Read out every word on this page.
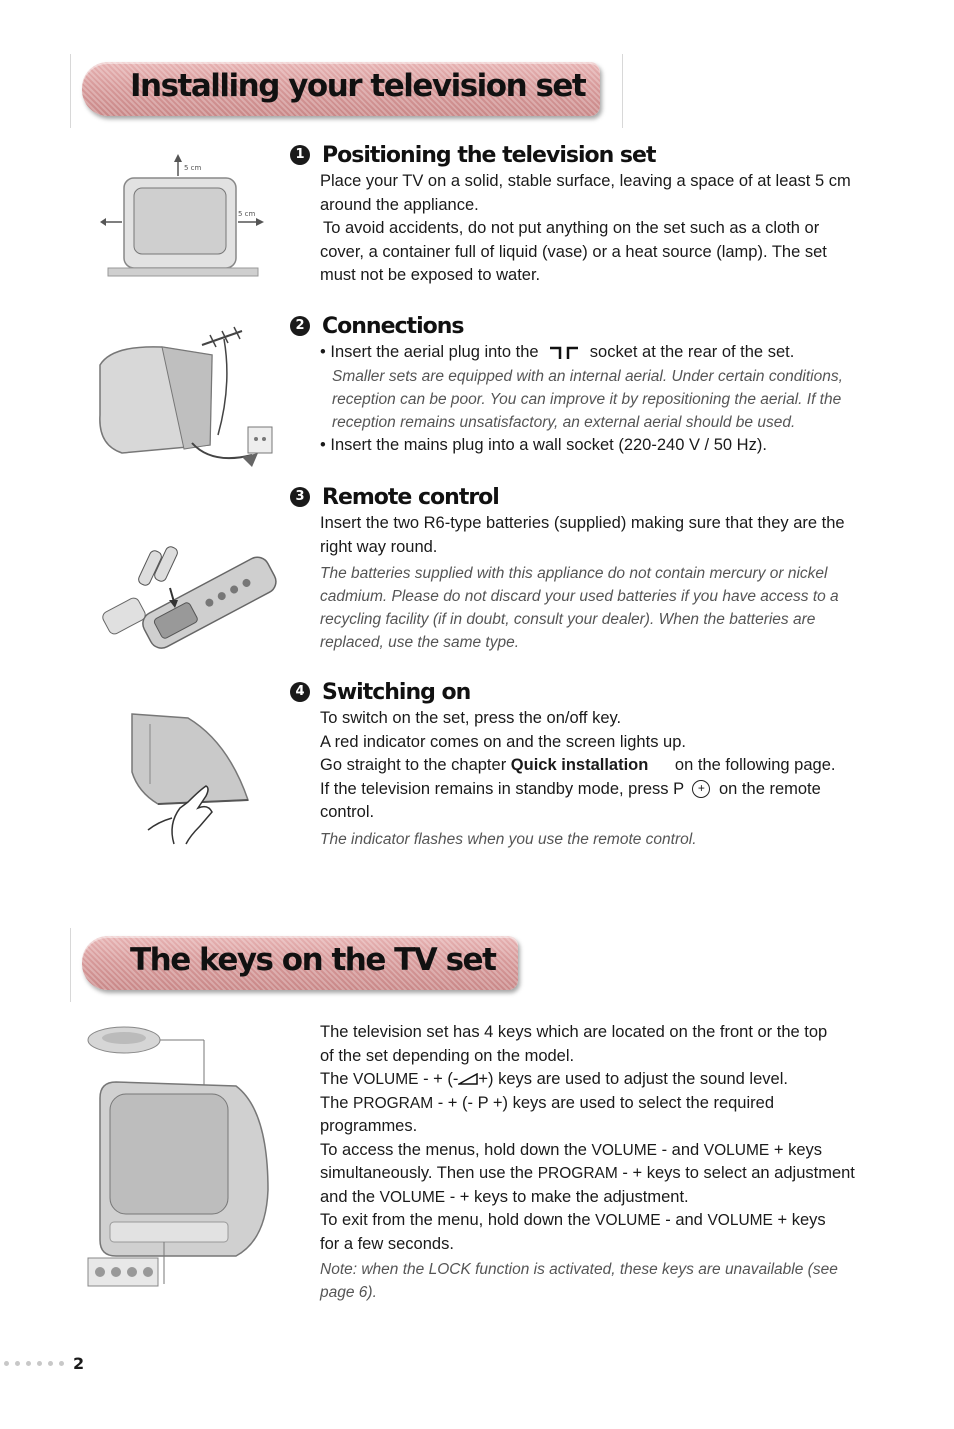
Installing your television set
5 cm
5 cm
1 Positioning the television set
Place your TV on a solid, stable surface, leaving a space of at least 5 cm
around the appliance.
To avoid accidents, do not put anything on the set such as a cloth or
cover, a container full of liquid (vase) or a heat source (lamp). The set
must not be exposed to water.
2 Connections
• Insert the aerial plug into the	socket at the rear of the set.
Smaller sets are equipped with an internal aerial. Under certain conditions,
reception can be poor. You can improve it by repositioning the aerial. If the
reception remains unsatisfactory, an external aerial should be used.
• Insert the mains plug into a wall socket (220-240 V / 50 Hz).
3 Remote control
Insert the two R6-type batteries (supplied) making sure that they are the
right way round.
The batteries supplied with this appliance do not contain mercury or nickel
cadmium. Please do not discard your used batteries if you have access to a
recycling facility (if in doubt, consult your dealer). When the batteries are
replaced, use the same type.
4 Switching on
To switch on the set, press the on/off key.
A red indicator comes on and the screen lights up.
Go straight to the chapter Quick installation on the following page.
If the television remains in standby mode, press P + on the remote
control.
The indicator flashes when you use the remote control.
The keys on the TV set
The television set has 4 keys which are located on the front or the top
of the set depending on the model.
The VOLUME - + (- +) keys are used to adjust the sound level.
The PROGRAM - + (- P +) keys are used to select the required
programmes.
To access the menus, hold down the VOLUME - and VOLUME + keys
simultaneously. Then use the PROGRAM - + keys to select an adjustment
and the VOLUME - + keys to make the adjustment.
To exit from the menu, hold down the VOLUME - and VOLUME + keys
for a few seconds.
Note: when the LOCK function is activated, these keys are unavailable (see
page 6).
2
